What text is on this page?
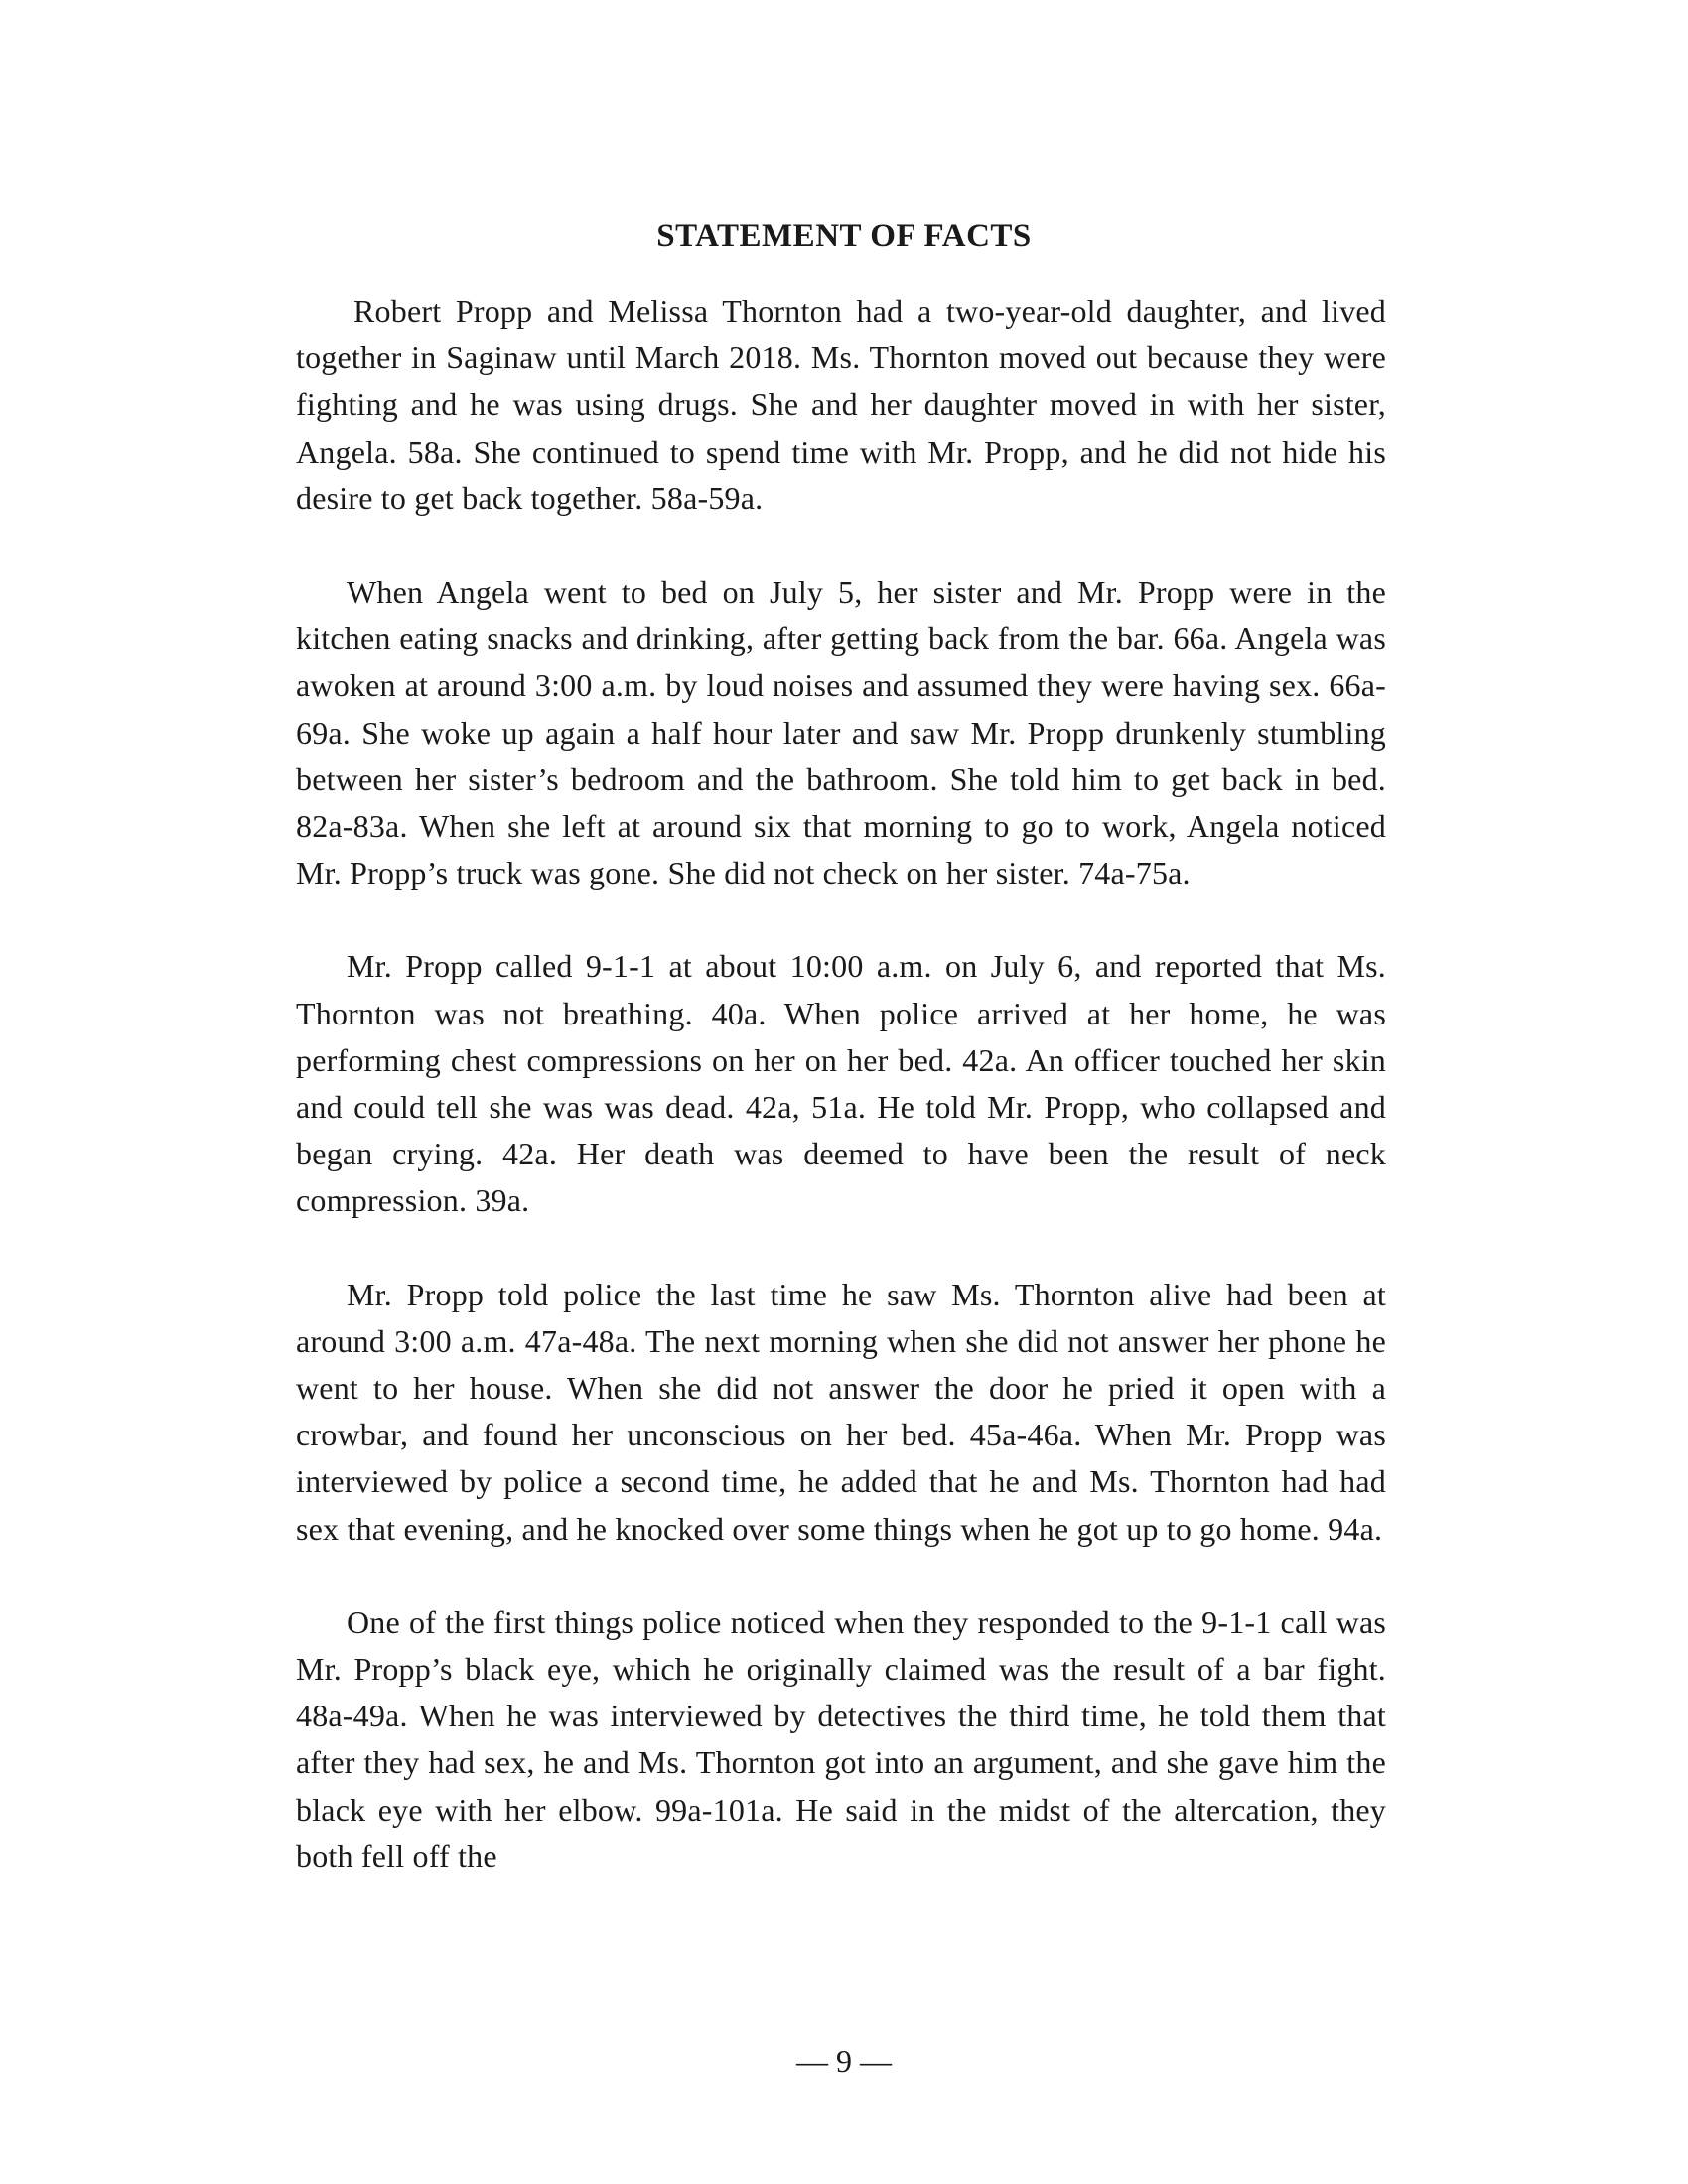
STATEMENT OF FACTS

Robert Propp and Melissa Thornton had a two-year-old daughter, and lived together in Saginaw until March 2018. Ms. Thornton moved out because they were fighting and he was using drugs. She and her daughter moved in with her sister, Angela. 58a. She continued to spend time with Mr. Propp, and he did not hide his desire to get back together. 58a-59a.

When Angela went to bed on July 5, her sister and Mr. Propp were in the kitchen eating snacks and drinking, after getting back from the bar. 66a. Angela was awoken at around 3:00 a.m. by loud noises and assumed they were having sex. 66a-69a. She woke up again a half hour later and saw Mr. Propp drunkenly stumbling between her sister’s bedroom and the bathroom. She told him to get back in bed. 82a-83a. When she left at around six that morning to go to work, Angela noticed Mr. Propp’s truck was gone. She did not check on her sister. 74a-75a.

Mr. Propp called 9-1-1 at about 10:00 a.m. on July 6, and reported that Ms. Thornton was not breathing. 40a. When police arrived at her home, he was performing chest compressions on her on her bed. 42a. An officer touched her skin and could tell she was was dead. 42a, 51a. He told Mr. Propp, who collapsed and began crying. 42a. Her death was deemed to have been the result of neck compression. 39a.

Mr. Propp told police the last time he saw Ms. Thornton alive had been at around 3:00 a.m. 47a-48a. The next morning when she did not answer her phone he went to her house. When she did not answer the door he pried it open with a crowbar, and found her unconscious on her bed. 45a-46a. When Mr. Propp was interviewed by police a second time, he added that he and Ms. Thornton had had sex that evening, and he knocked over some things when he got up to go home. 94a.

One of the first things police noticed when they responded to the 9-1-1 call was Mr. Propp’s black eye, which he originally claimed was the result of a bar fight. 48a-49a. When he was interviewed by detectives the third time, he told them that after they had sex, he and Ms. Thornton got into an argument, and she gave him the black eye with her elbow. 99a-101a. He said in the midst of the altercation, they both fell off the

— 9 —
